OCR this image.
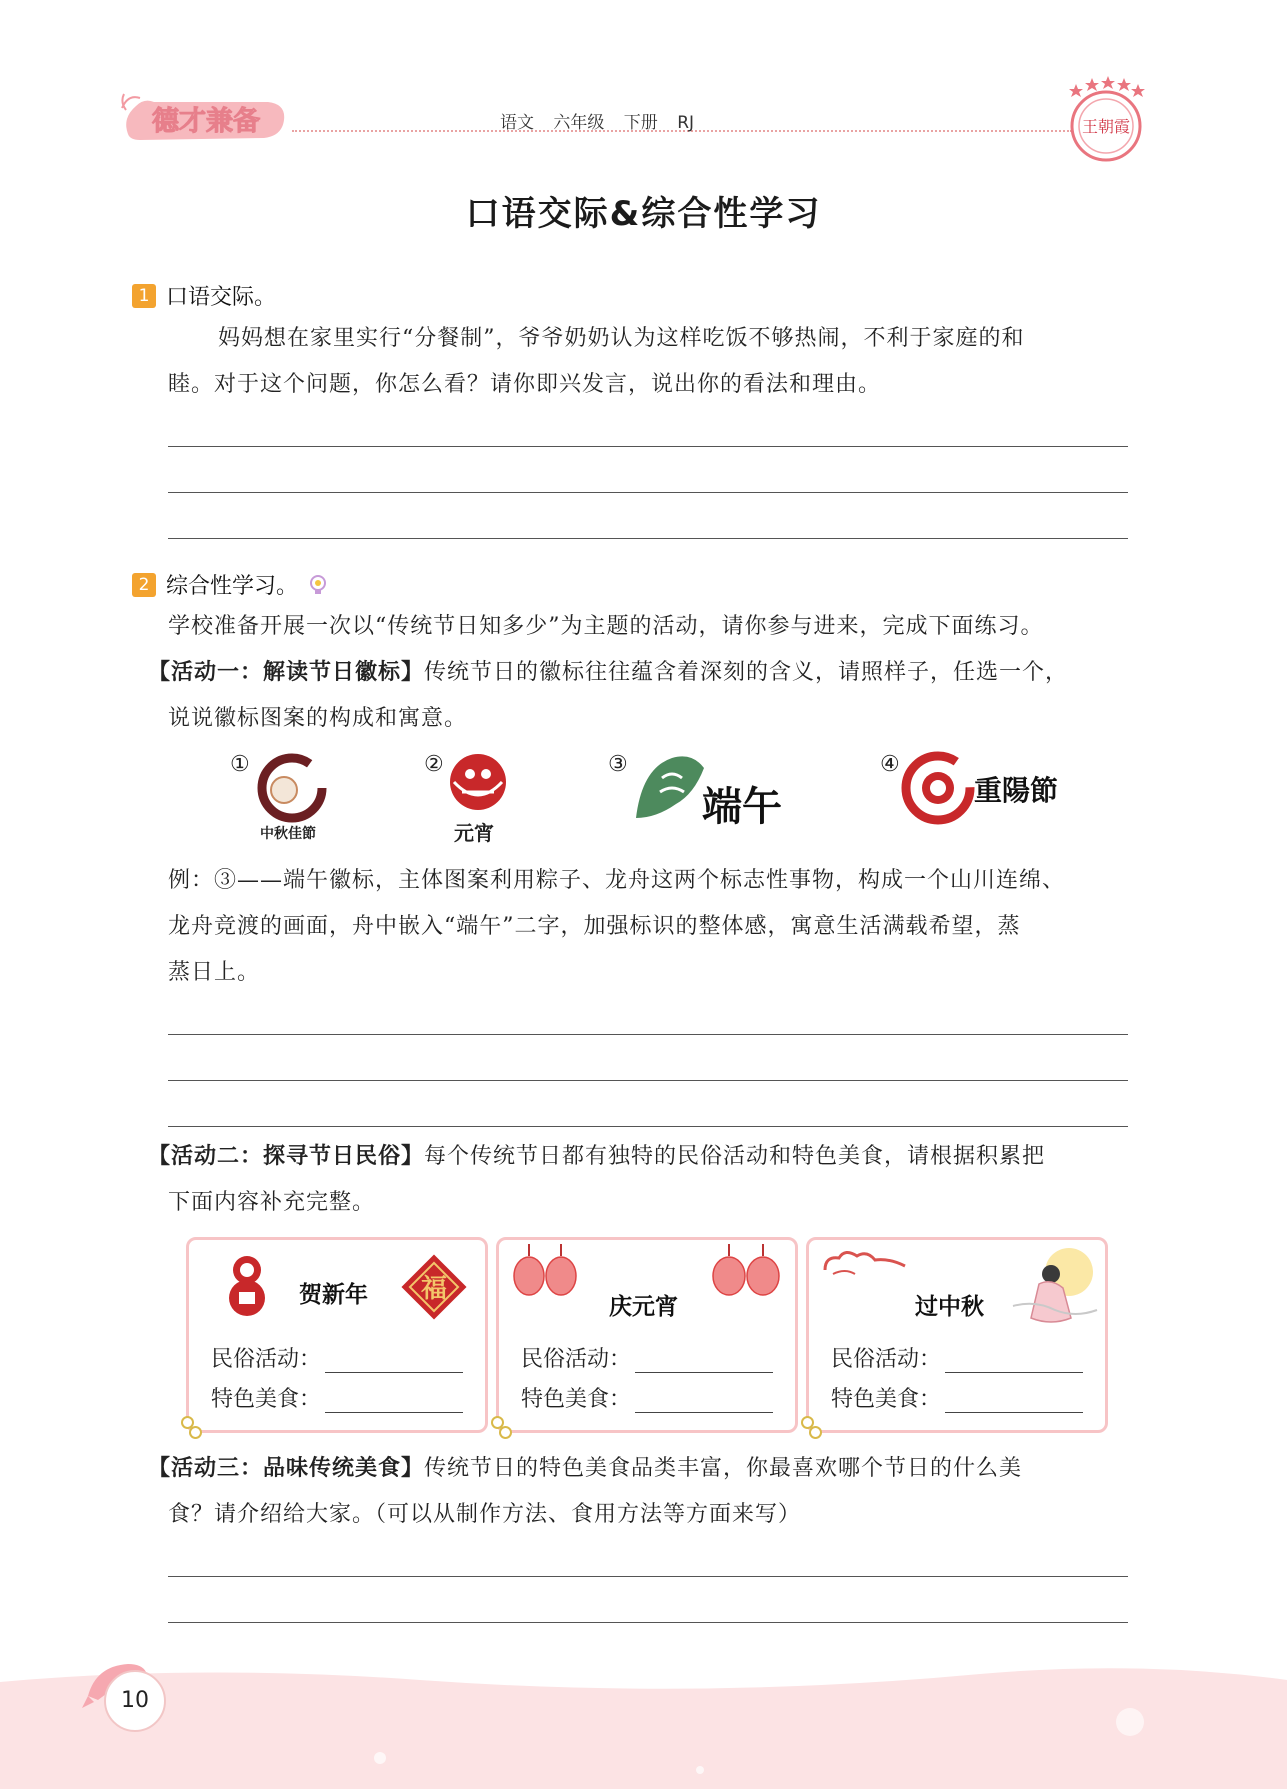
德才兼备	语文 六年级 下册 RJ	王朝霞
口语交际&综合性学习
1 口语交际。
妈妈想在家里实行“分餐制”，爷爷奶奶认为这样吃饭不够热闹，不利于家庭的和
睦。对于这个问题，你怎么看？请你即兴发言，说出你的看法和理由。
2 综合性学习。
学校准备开展一次以“传统节日知多少”为主题的活动，请你参与进来，完成下面练习。
【活动一：解读节日徽标】传统节日的徽标往往蕴含着深刻的含义，请照样子，任选一个，
说说徽标图案的构成和寓意。
①
中秋佳節
②
元宵
③
端午
④
重陽節
例：③——端午徽标，主体图案利用粽子、龙舟这两个标志性事物，构成一个山川连绵、
龙舟竞渡的画面，舟中嵌入“端午”二字，加强标识的整体感，寓意生活满载希望，蒸
蒸日上。
【活动二：探寻节日民俗】每个传统节日都有独特的民俗活动和特色美食，请根据积累把
下面内容补充完整。
贺新年 福
民俗活动：
特色美食：
庆元宵
民俗活动：
特色美食：
过中秋
民俗活动：
特色美食：
【活动三：品味传统美食】传统节日的特色美食品类丰富，你最喜欢哪个节日的什么美
食？请介绍给大家。（可以从制作方法、食用方法等方面来写）
10
